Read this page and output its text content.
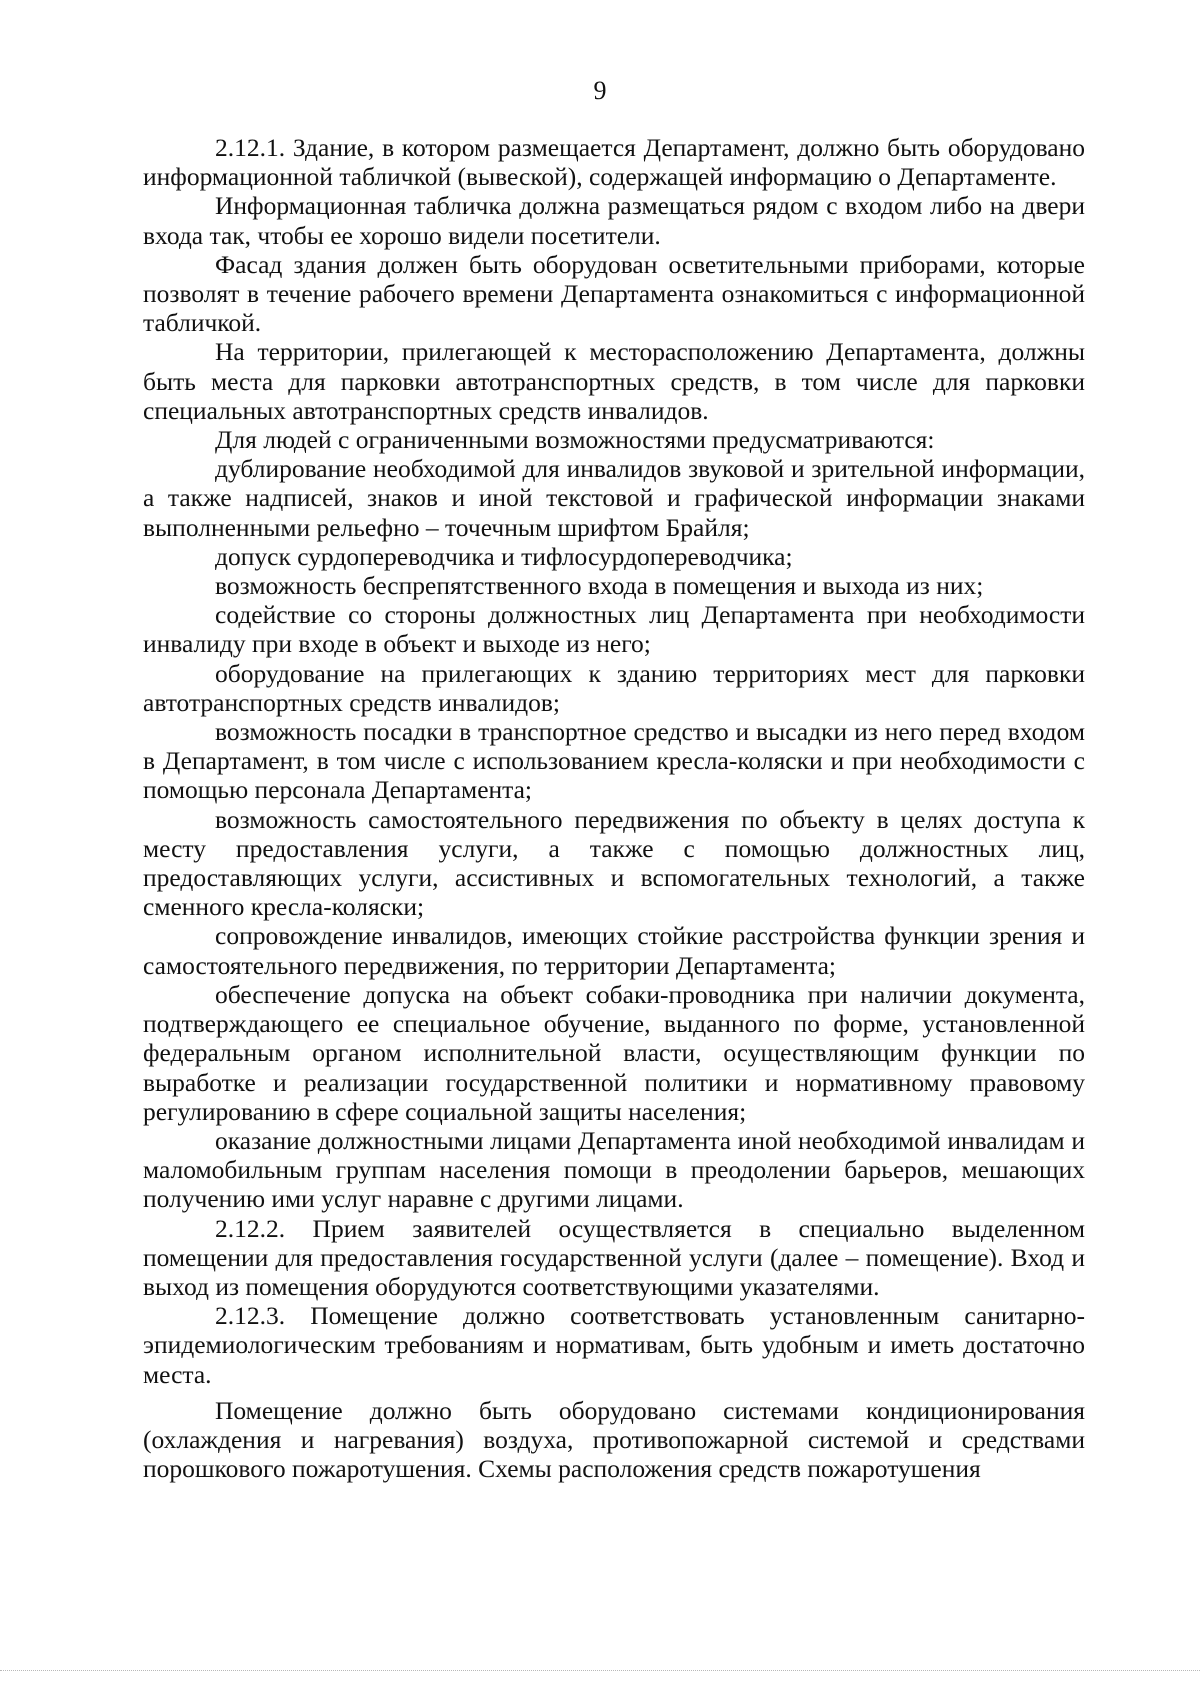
9

2.12.1. Здание, в котором размещается Департамент, должно быть оборудовано информационной табличкой (вывеской), содержащей информацию о Департаменте.

Информационная табличка должна размещаться рядом с входом либо на двери входа так, чтобы ее хорошо видели посетители.

Фасад здания должен быть оборудован осветительными приборами, которые позволят в течение рабочего времени Департамента ознакомиться с информационной табличкой.

На территории, прилегающей к месторасположению Департамента, должны быть места для парковки автотранспортных средств, в том числе для парковки специальных автотранспортных средств инвалидов.

Для людей с ограниченными возможностями предусматриваются:

дублирование необходимой для инвалидов звуковой и зрительной информации, а также надписей, знаков и иной текстовой и графической информации знаками выполненными рельефно – точечным шрифтом Брайля;

допуск сурдопереводчика и тифлосурдопереводчика;

возможность беспрепятственного входа в помещения и выхода из них;

содействие со стороны должностных лиц Департамента при необходимости инвалиду при входе в объект и выходе из него;

оборудование на прилегающих к зданию территориях мест для парковки автотранспортных средств инвалидов;

возможность посадки в транспортное средство и высадки из него перед входом в Департамент, в том числе с использованием кресла-коляски и при необходимости с помощью персонала Департамента;

возможность самостоятельного передвижения по объекту в целях доступа к месту предоставления услуги, а также с помощью должностных лиц, предоставляющих услуги, ассистивных и вспомогательных технологий, а также сменного кресла-коляски;

сопровождение инвалидов, имеющих стойкие расстройства функции зрения и самостоятельного передвижения, по территории Департамента;

обеспечение допуска на объект собаки-проводника при наличии документа, подтверждающего ее специальное обучение, выданного по форме, установленной федеральным органом исполнительной власти, осуществляющим функции по выработке и реализации государственной политики и нормативному правовому регулированию в сфере социальной защиты населения;

оказание должностными лицами Департамента иной необходимой инвалидам и маломобильным группам населения помощи в преодолении барьеров, мешающих получению ими услуг наравне с другими лицами.

2.12.2. Прием заявителей осуществляется в специально выделенном помещении для предоставления государственной услуги (далее – помещение). Вход и выход из помещения оборудуются соответствующими указателями.

2.12.3. Помещение должно соответствовать установленным санитарно-эпидемиологическим требованиям и нормативам, быть удобным и иметь достаточно места.

Помещение должно быть оборудовано системами кондиционирования (охлаждения и нагревания) воздуха, противопожарной системой и средствами порошкового пожаротушения. Схемы расположения средств пожаротушения
